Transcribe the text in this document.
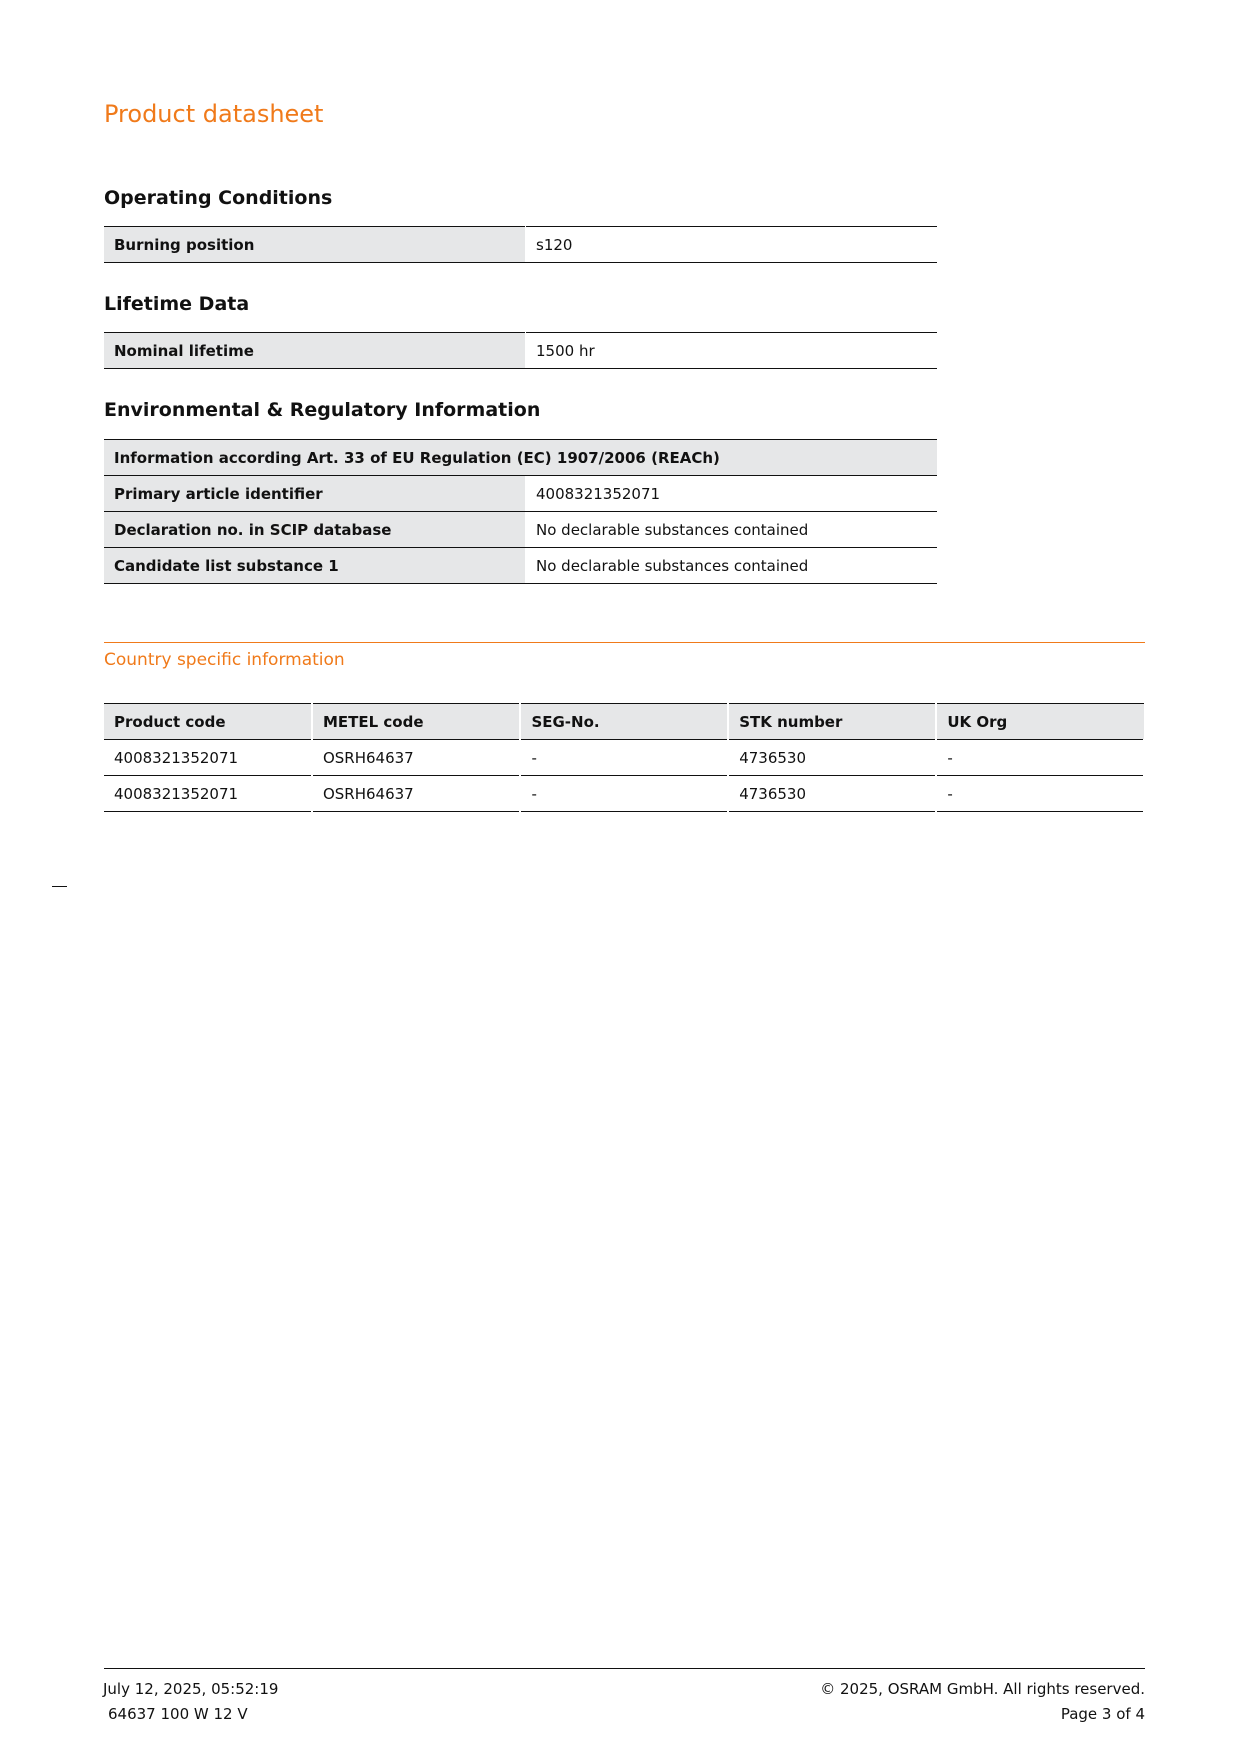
Product datasheet
Operating Conditions
Burning position	s120
Lifetime Data
Nominal lifetime	1500 hr
Environmental & Regulatory Information
Information according Art. 33 of EU Regulation (EC) 1907/2006 (REACh)	
Primary article identifier	4008321352071
Declaration no. in SCIP database	No declarable substances contained
Candidate list substance 1	No declarable substances contained
Country specific information
Product code	METEL code	SEG-No.	STK number	UK Org
4008321352071	OSRH64637	-	4736530	-
4008321352071	OSRH64637	-	4736530	-
July 12, 2025, 05:52:19
64637 100 W 12 V
© 2025, OSRAM GmbH. All rights reserved.
Page 3 of 4
